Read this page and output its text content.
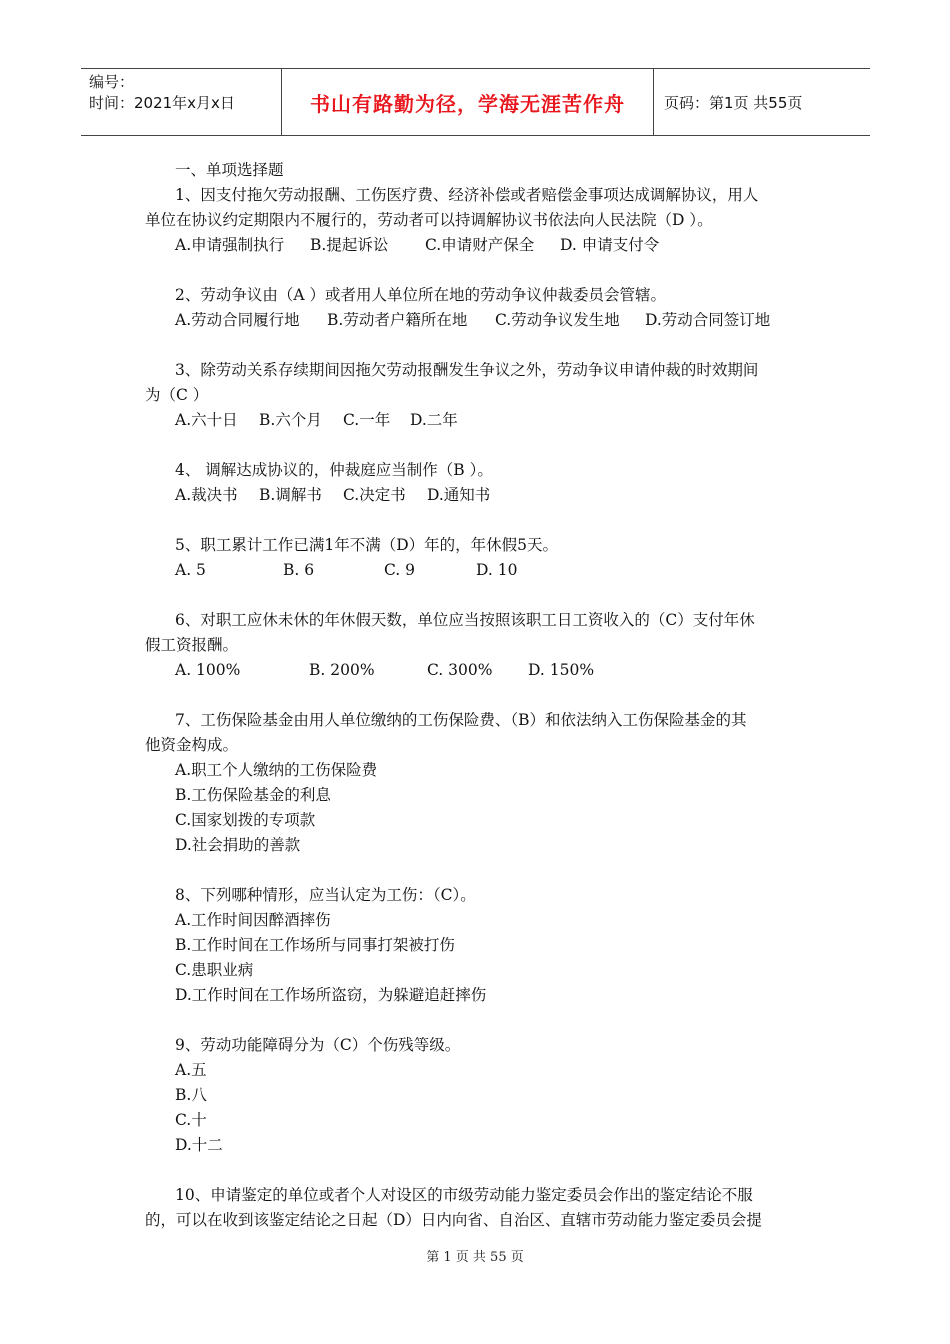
编号：
时间：2021年x月x日	书山有路勤为径，学海无涯苦作舟	页码：第1页 共55页
一、单项选择题
1、因支付拖欠劳动报酬、工伤医疗费、经济补偿或者赔偿金事项达成调解协议，用人
单位在协议约定期限内不履行的，劳动者可以持调解协议书依法向人民法院（D ）。
A.申请强制执行 B.提起诉讼 C.申请财产保全 D. 申请支付令
2、劳动争议由（A ）或者用人单位所在地的劳动争议仲裁委员会管辖。
A.劳动合同履行地 B.劳动者户籍所在地 C.劳动争议发生地 D.劳动合同签订地
3、除劳动关系存续期间因拖欠劳动报酬发生争议之外，劳动争议申请仲裁的时效期间
为（C ）
A.六十日 B.六个月 C.一年 D.二年
4、 调解达成协议的，仲裁庭应当制作（B ）。
A.裁决书 B.调解书 C.决定书 D.通知书
5、职工累计工作已满1年不满（D）年的，年休假5天。
A. 5	B. 6	C. 9	D. 10
6、对职工应休未休的年休假天数，单位应当按照该职工日工资收入的（C）支付年休
假工资报酬。
A. 100%	B. 200%	C. 300% D. 150%
7、工伤保险基金由用人单位缴纳的工伤保险费、（B）和依法纳入工伤保险基金的其
他资金构成。
A.职工个人缴纳的工伤保险费
B.工伤保险基金的利息
C.国家划拨的专项款
D.社会捐助的善款
8、下列哪种情形，应当认定为工伤：（C）。
A.工作时间因醉酒摔伤
B.工作时间在工作场所与同事打架被打伤
C.患职业病
D.工作时间在工作场所盗窃，为躲避追赶摔伤
9、劳动功能障碍分为（C）个伤残等级。
A.五
B.八
C.十
D.十二
10、申请鉴定的单位或者个人对设区的市级劳动能力鉴定委员会作出的鉴定结论不服
的，可以在收到该鉴定结论之日起（D）日内向省、自治区、直辖市劳动能力鉴定委员会提
第 1 页 共 55 页
